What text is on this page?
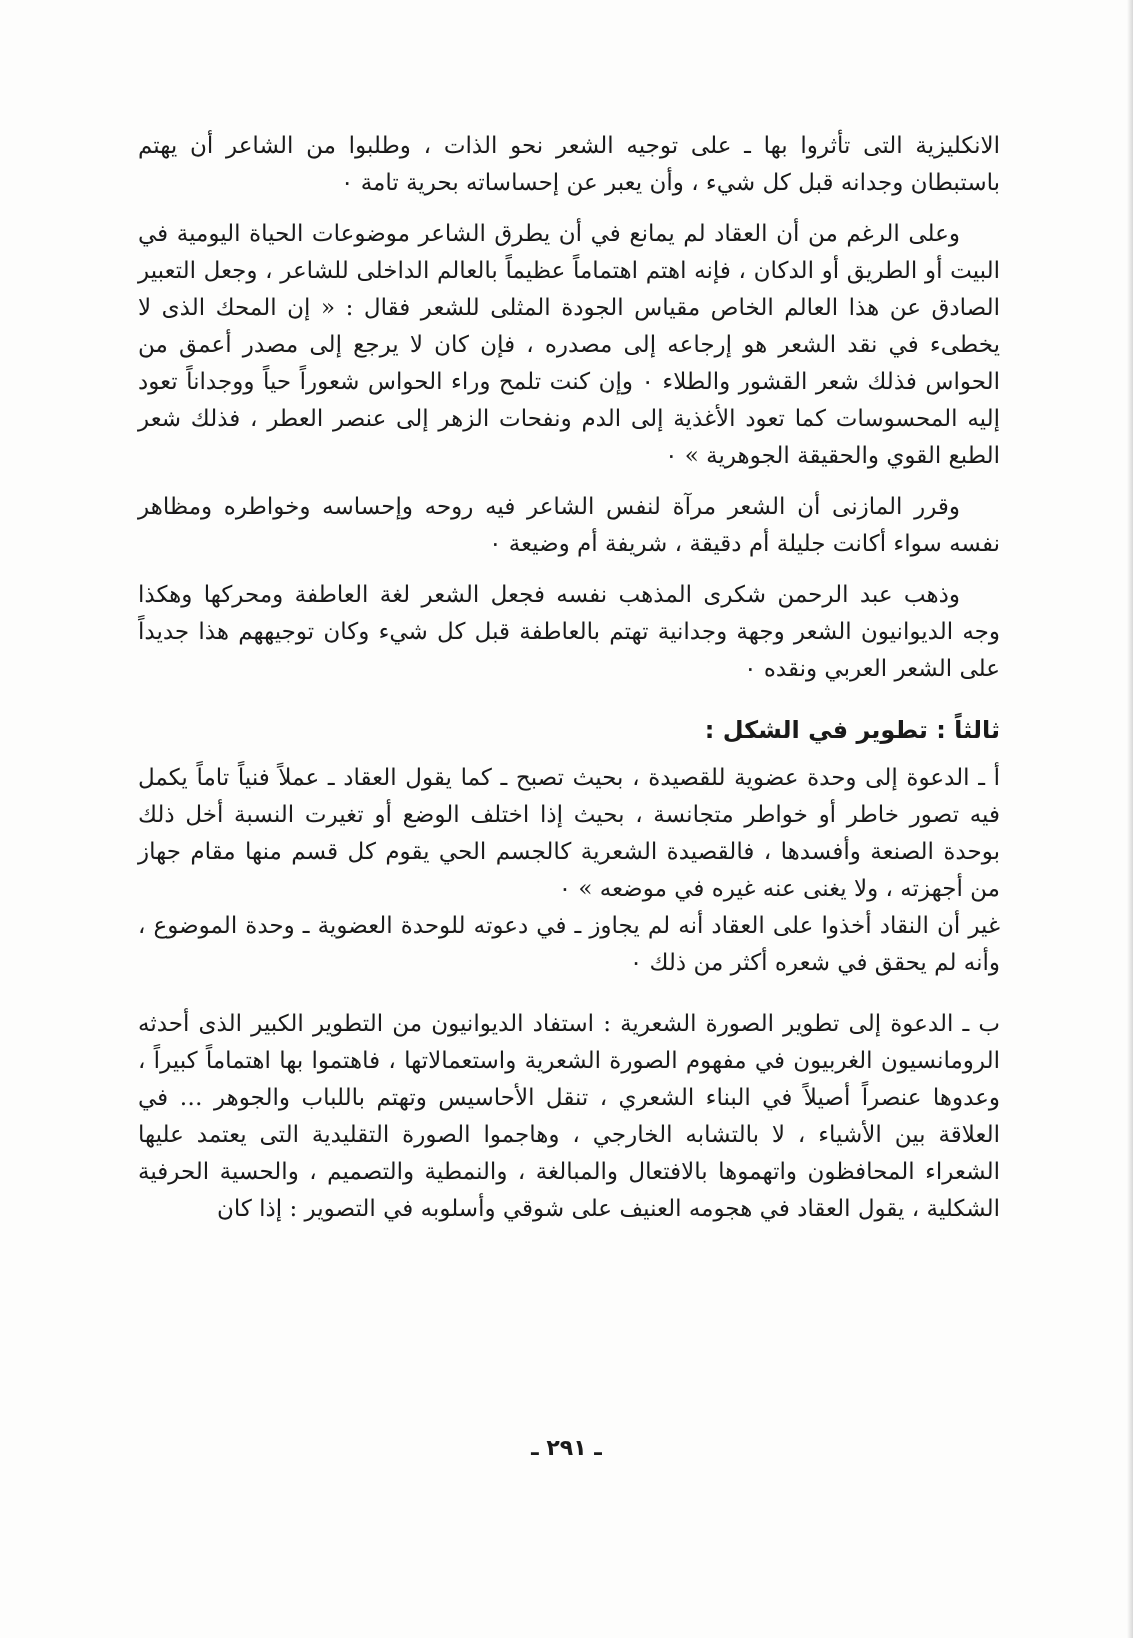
الانكليزية التى تأثروا بها ـ على توجيه الشعر نحو الذات ، وطلبوا من الشاعر أن يهتم باستبطان وجدانه قبل كل شيء ، وأن يعبر عن إحساساته بحرية تامة ٠

وعلى الرغم من أن العقاد لم يمانع في أن يطرق الشاعر موضوعات الحياة اليومية في البيت أو الطريق أو الدكان ، فإنه اهتم اهتماماً عظيماً بالعالم الداخلى للشاعر ، وجعل التعبير الصادق عن هذا العالم الخاص مقياس الجودة المثلى للشعر فقال : « إن المحك الذى لا يخطىء في نقد الشعر هو إرجاعه إلى مصدره ، فإن كان لا يرجع إلى مصدر أعمق من الحواس فذلك شعر القشور والطلاء ٠ وإن كنت تلمح وراء الحواس شعوراً حياً ووجداناً تعود إليه المحسوسات كما تعود الأغذية إلى الدم ونفحات الزهر إلى عنصر العطر ، فذلك شعر الطبع القوي والحقيقة الجوهرية » ٠

وقرر المازنى أن الشعر مرآة لنفس الشاعر فيه روحه وإحساسه وخواطره ومظاهر نفسه سواء أكانت جليلة أم دقيقة ، شريفة أم وضيعة ٠

وذهب عبد الرحمن شكرى المذهب نفسه فجعل الشعر لغة العاطفة ومحركها وهكذا وجه الديوانيون الشعر وجهة وجدانية تهتم بالعاطفة قبل كل شيء وكان توجيههم هذا جديداً على الشعر العربي ونقده ٠

ثالثاً : تطوير في الشكل :

أ ـ الدعوة إلى وحدة عضوية للقصيدة ، بحيث تصبح ـ كما يقول العقاد ـ عملاً فنياً تاماً يكمل فيه تصور خاطر أو خواطر متجانسة ، بحيث إذا اختلف الوضع أو تغيرت النسبة أخل ذلك بوحدة الصنعة وأفسدها ، فالقصيدة الشعرية كالجسم الحي يقوم كل قسم منها مقام جهاز من أجهزته ، ولا يغنى عنه غيره في موضعه » ٠

غير أن النقاد أخذوا على العقاد أنه لم يجاوز ـ في دعوته للوحدة العضوية ـ وحدة الموضوع ، وأنه لم يحقق في شعره أكثر من ذلك ٠

ب ـ الدعوة إلى تطوير الصورة الشعرية : استفاد الديوانيون من التطوير الكبير الذى أحدثه الرومانسيون الغربيون في مفهوم الصورة الشعرية واستعمالاتها ، فاهتموا بها اهتماماً كبيراً ، وعدوها عنصراً أصيلاً في البناء الشعري ، تنقل الأحاسيس وتهتم باللباب والجوهر … في العلاقة بين الأشياء ، لا بالتشابه الخارجي ، وهاجموا الصورة التقليدية التى يعتمد عليها الشعراء المحافظون واتهموها بالافتعال والمبالغة ، والنمطية والتصميم ، والحسية الحرفية الشكلية ، يقول العقاد في هجومه العنيف على شوقي وأسلوبه في التصوير : إذا كان

ـ ٢٩١ ـ
